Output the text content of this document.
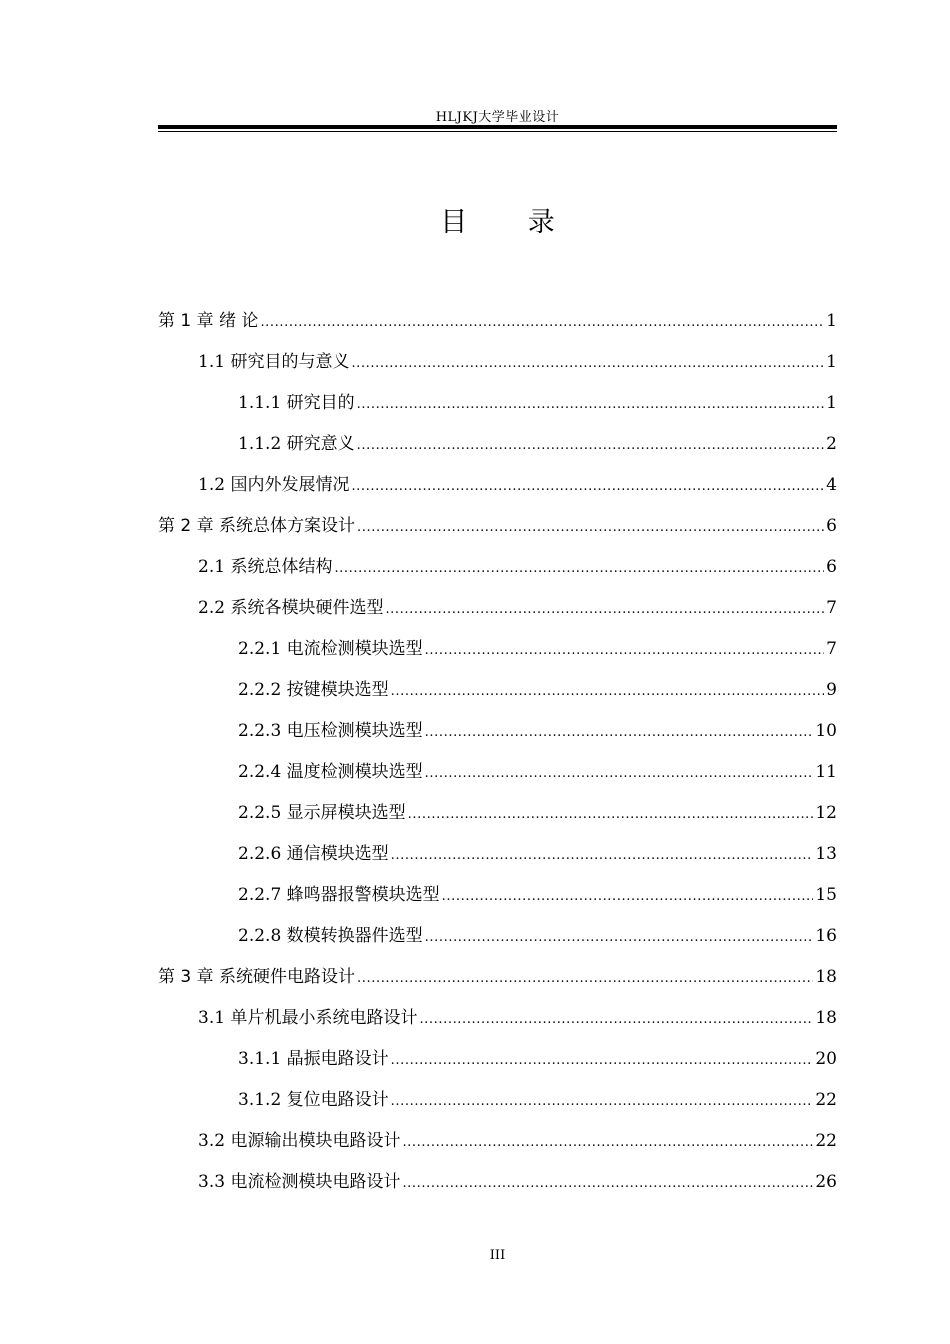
HLJKJ大学毕业设计
目 录
第 1 章 绪 论 .....	1
1.1 研究目的与意义 .....	1
1.1.1 研究目的 .....	1
1.1.2 研究意义 .....	2
1.2 国内外发展情况 .....	4
第 2 章 系统总体方案设计 .....	6
2.1 系统总体结构 .....	6
2.2 系统各模块硬件选型 .....	7
2.2.1 电流检测模块选型 .....	7
2.2.2 按键模块选型 .....	9
2.2.3 电压检测模块选型 .....	10
2.2.4 温度检测模块选型 .....	11
2.2.5 显示屏模块选型 .....	12
2.2.6 通信模块选型 .....	13
2.2.7 蜂鸣器报警模块选型 .....	15
2.2.8 数模转换器件选型 .....	16
第 3 章 系统硬件电路设计 .....	18
3.1 单片机最小系统电路设计 .....	18
3.1.1 晶振电路设计 .....	20
3.1.2 复位电路设计 .....	22
3.2 电源输出模块电路设计 .....	22
3.3 电流检测模块电路设计 .....	26
III
